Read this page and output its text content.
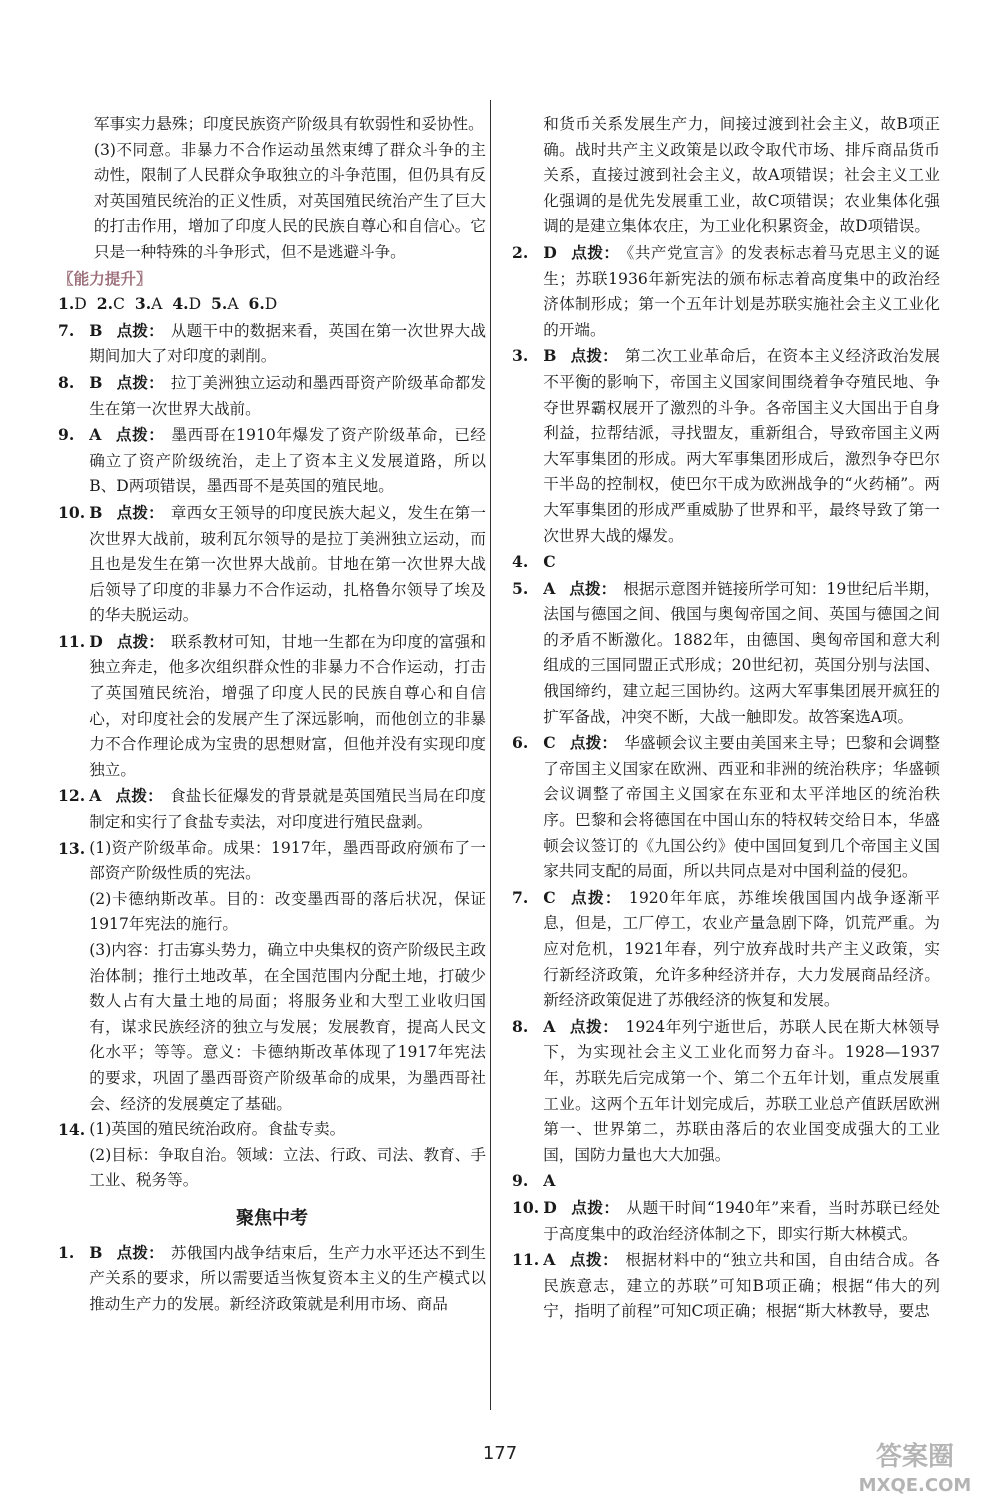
军事实力悬殊；印度民族资产阶级具有软弱性和妥协性。

(3)不同意。非暴力不合作运动虽然束缚了群众斗争的主动性，限制了人民群众争取独立的斗争范围，但仍具有反对英国殖民统治的正义性质，对英国殖民统治产生了巨大的打击作用，增加了印度人民的民族自尊心和自信心。它只是一种特殊的斗争形式，但不是逃避斗争。

〖能力提升〗

1.D 2.C 3.A 4.D 5.A 6.D

7. B 点拨： 从题干中的数据来看，英国在第一次世界大战期间加大了对印度的剥削。

8. B 点拨： 拉丁美洲独立运动和墨西哥资产阶级革命都发生在第一次世界大战前。

9. A 点拨： 墨西哥在1910年爆发了资产阶级革命，已经确立了资产阶级统治，走上了资本主义发展道路，所以B、D两项错误，墨西哥不是英国的殖民地。

10. B 点拨： 章西女王领导的印度民族大起义，发生在第一次世界大战前，玻利瓦尔领导的是拉丁美洲独立运动，而且也是发生在第一次世界大战前。甘地在第一次世界大战后领导了印度的非暴力不合作运动，扎格鲁尔领导了埃及的华夫脱运动。

11. D 点拨： 联系教材可知，甘地一生都在为印度的富强和独立奔走，他多次组织群众性的非暴力不合作运动，打击了英国殖民统治，增强了印度人民的民族自尊心和自信心，对印度社会的发展产生了深远影响，而他创立的非暴力不合作理论成为宝贵的思想财富，但他并没有实现印度独立。

12. A 点拨： 食盐长征爆发的背景就是英国殖民当局在印度制定和实行了食盐专卖法，对印度进行殖民盘剥。

13. (1)资产阶级革命。成果：1917年，墨西哥政府颁布了一部资产阶级性质的宪法。

(2)卡德纳斯改革。目的：改变墨西哥的落后状况，保证1917年宪法的施行。

(3)内容：打击寡头势力，确立中央集权的资产阶级民主政治体制；推行土地改革，在全国范围内分配土地，打破少数人占有大量土地的局面；将服务业和大型工业收归国有，谋求民族经济的独立与发展；发展教育，提高人民文化水平；等等。意义：卡德纳斯改革体现了1917年宪法的要求，巩固了墨西哥资产阶级革命的成果，为墨西哥社会、经济的发展奠定了基础。

14. (1)英国的殖民统治政府。食盐专卖。

(2)目标：争取自治。领域：立法、行政、司法、教育、手工业、税务等。

聚焦中考

1. B 点拨： 苏俄国内战争结束后，生产力水平还达不到生产关系的要求，所以需要适当恢复资本主义的生产模式以推动生产力的发展。新经济政策就是利用市场、商品

和货币关系发展生产力，间接过渡到社会主义，故B项正确。战时共产主义政策是以政令取代市场、排斥商品货币关系，直接过渡到社会主义，故A项错误；社会主义工业化强调的是优先发展重工业，故C项错误；农业集体化强调的是建立集体农庄，为工业化积累资金，故D项错误。

2. D 点拨： 《共产党宣言》的发表标志着马克思主义的诞生；苏联1936年新宪法的颁布标志着高度集中的政治经济体制形成；第一个五年计划是苏联实施社会主义工业化的开端。

3. B 点拨： 第二次工业革命后，在资本主义经济政治发展不平衡的影响下，帝国主义国家间围绕着争夺殖民地、争夺世界霸权展开了激烈的斗争。各帝国主义大国出于自身利益，拉帮结派，寻找盟友，重新组合，导致帝国主义两大军事集团的形成。两大军事集团形成后，激烈争夺巴尔干半岛的控制权，使巴尔干成为欧洲战争的“火药桶”。两大军事集团的形成严重威胁了世界和平，最终导致了第一次世界大战的爆发。

4. C

5. A 点拨： 根据示意图并链接所学可知：19世纪后半期，法国与德国之间、俄国与奥匈帝国之间、英国与德国之间的矛盾不断激化。1882年，由德国、奥匈帝国和意大利组成的三国同盟正式形成；20世纪初，英国分别与法国、俄国缔约，建立起三国协约。这两大军事集团展开疯狂的扩军备战，冲突不断，大战一触即发。故答案选A项。

6. C 点拨： 华盛顿会议主要由美国来主导；巴黎和会调整了帝国主义国家在欧洲、西亚和非洲的统治秩序；华盛顿会议调整了帝国主义国家在东亚和太平洋地区的统治秩序。巴黎和会将德国在中国山东的特权转交给日本，华盛顿会议签订的《九国公约》使中国回复到几个帝国主义国家共同支配的局面，所以共同点是对中国利益的侵犯。

7. C 点拨： 1920年年底，苏维埃俄国国内战争逐渐平息，但是，工厂停工，农业产量急剧下降，饥荒严重。为应对危机，1921年春，列宁放弃战时共产主义政策，实行新经济政策，允许多种经济并存，大力发展商品经济。新经济政策促进了苏俄经济的恢复和发展。

8. A 点拨： 1924年列宁逝世后，苏联人民在斯大林领导下，为实现社会主义工业化而努力奋斗。1928—1937年，苏联先后完成第一个、第二个五年计划，重点发展重工业。这两个五年计划完成后，苏联工业总产值跃居欧洲第一、世界第二，苏联由落后的农业国变成强大的工业国，国防力量也大大加强。

9. A

10. D 点拨： 从题干时间“1940年”来看，当时苏联已经处于高度集中的政治经济体制之下，即实行斯大林模式。

11. A 点拨： 根据材料中的“独立共和国，自由结合成。各民族意志，建立的苏联”可知B项正确；根据“伟大的列宁，指明了前程”可知C项正确；根据“斯大林教导，要忠

177	答案圈
MXQE.COM
